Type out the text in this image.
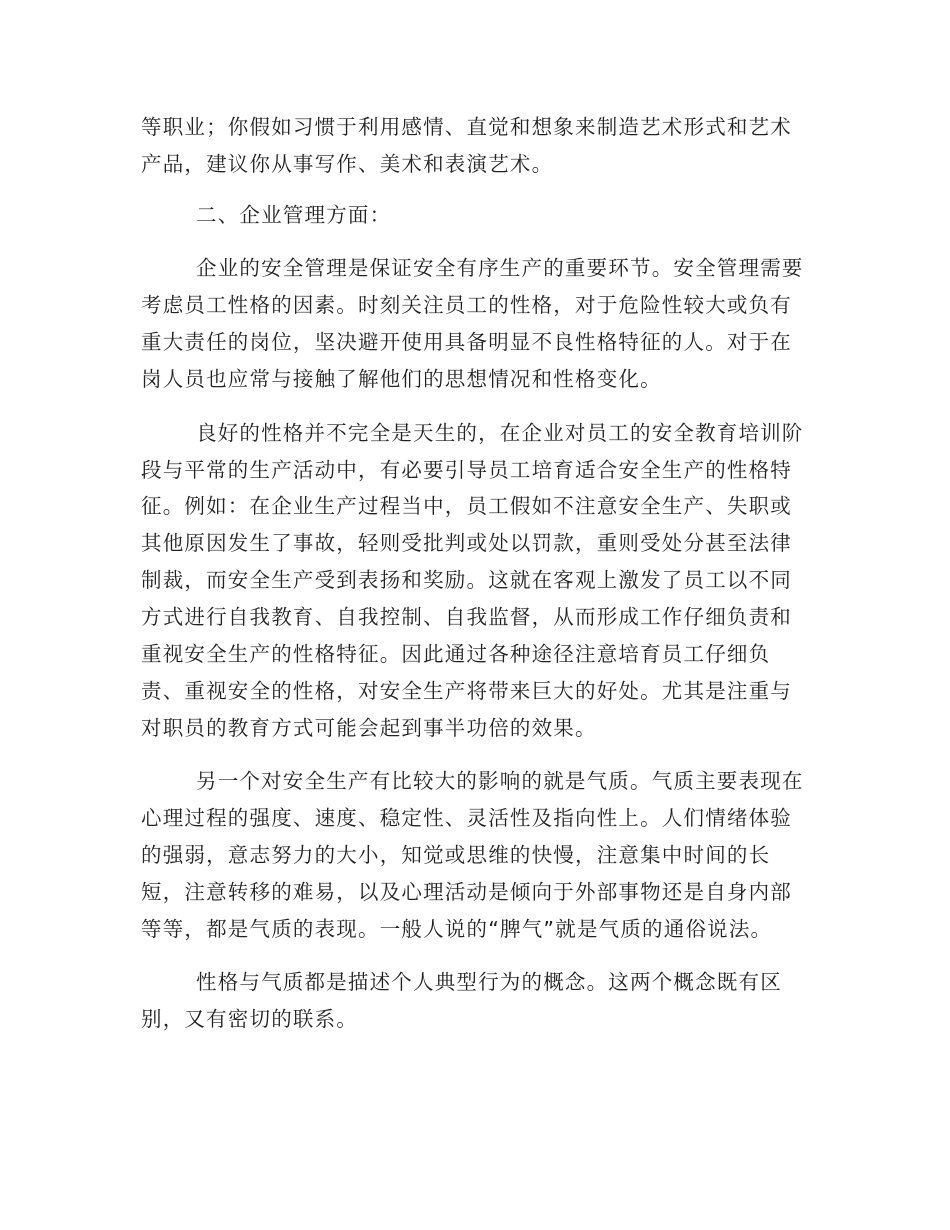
等职业；你假如习惯于利用感情、直觉和想象来制造艺术形式和艺术
产品，建议你从事写作、美术和表演艺术。
二、企业管理方面：
企业的安全管理是保证安全有序生产的重要环节。安全管理需要
考虑员工性格的因素。时刻关注员工的性格，对于危险性较大或负有
重大责任的岗位，坚决避开使用具备明显不良性格特征的人。对于在
岗人员也应常与接触了解他们的思想情况和性格变化。
良好的性格并不完全是天生的，在企业对员工的安全教育培训阶
段与平常的生产活动中，有必要引导员工培育适合安全生产的性格特
征。例如：在企业生产过程当中，员工假如不注意安全生产、失职或
其他原因发生了事故，轻则受批判或处以罚款，重则受处分甚至法律
制裁，而安全生产受到表扬和奖励。这就在客观上激发了员工以不同
方式进行自我教育、自我控制、自我监督，从而形成工作仔细负责和
重视安全生产的性格特征。因此通过各种途径注意培育员工仔细负
责、重视安全的性格，对安全生产将带来巨大的好处。尤其是注重与
对职员的教育方式可能会起到事半功倍的效果。
另一个对安全生产有比较大的影响的就是气质。气质主要表现在
心理过程的强度、速度、稳定性、灵活性及指向性上。人们情绪体验
的强弱，意志努力的大小，知觉或思维的快慢，注意集中时间的长
短，注意转移的难易，以及心理活动是倾向于外部事物还是自身内部
等等，都是气质的表现。一般人说的“脾气”就是气质的通俗说法。
性格与气质都是描述个人典型行为的概念。这两个概念既有区
别，又有密切的联系。
